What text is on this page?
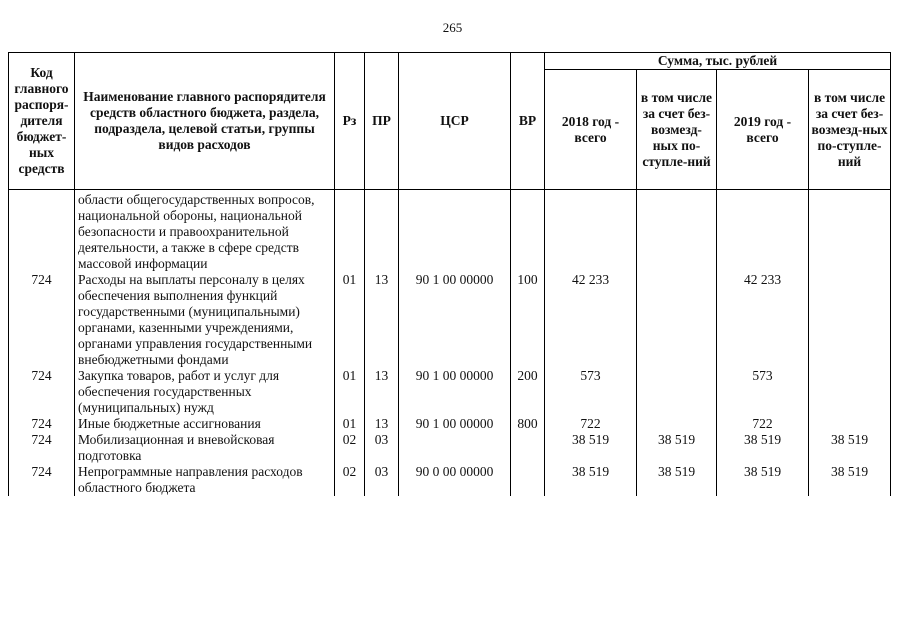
265
Код главного распоря-дителя бюджет-ных средств	Наименование главного распорядителя средств областного бюджета, раздела, подраздела, целевой статьи, группы видов расходов	Рз	ПР	ЦСР	ВР	Сумма, тыс. рублей			
						2018 год - всего	в том числе за счет без-возмезд-ных по-ступле-ний	2019 год - всего	в том числе за счет без-возмезд-ных по-ступле-ний
	области общегосударственных вопросов, национальной обороны, национальной безопасности и правоохранительной деятельности, а также в сфере средств массовой информации								
724	Расходы на выплаты персоналу в целях обеспечения выполнения функций государственными (муниципальными) органами, казенными учреждениями, органами управления государственными внебюджетными фондами	01	13	90 1 00 00000	100	42 233		42 233	
724	Закупка товаров, работ и услуг для обеспечения государственных (муниципальных) нужд	01	13	90 1 00 00000	200	573		573	
724	Иные бюджетные ассигнования	01	13	90 1 00 00000	800	722		722	
724	Мобилизационная и вневойсковая подготовка	02	03			38 519	38 519	38 519	38 519
724	Непрограммные направления расходов областного бюджета	02	03	90 0 00 00000		38 519	38 519	38 519	38 519
